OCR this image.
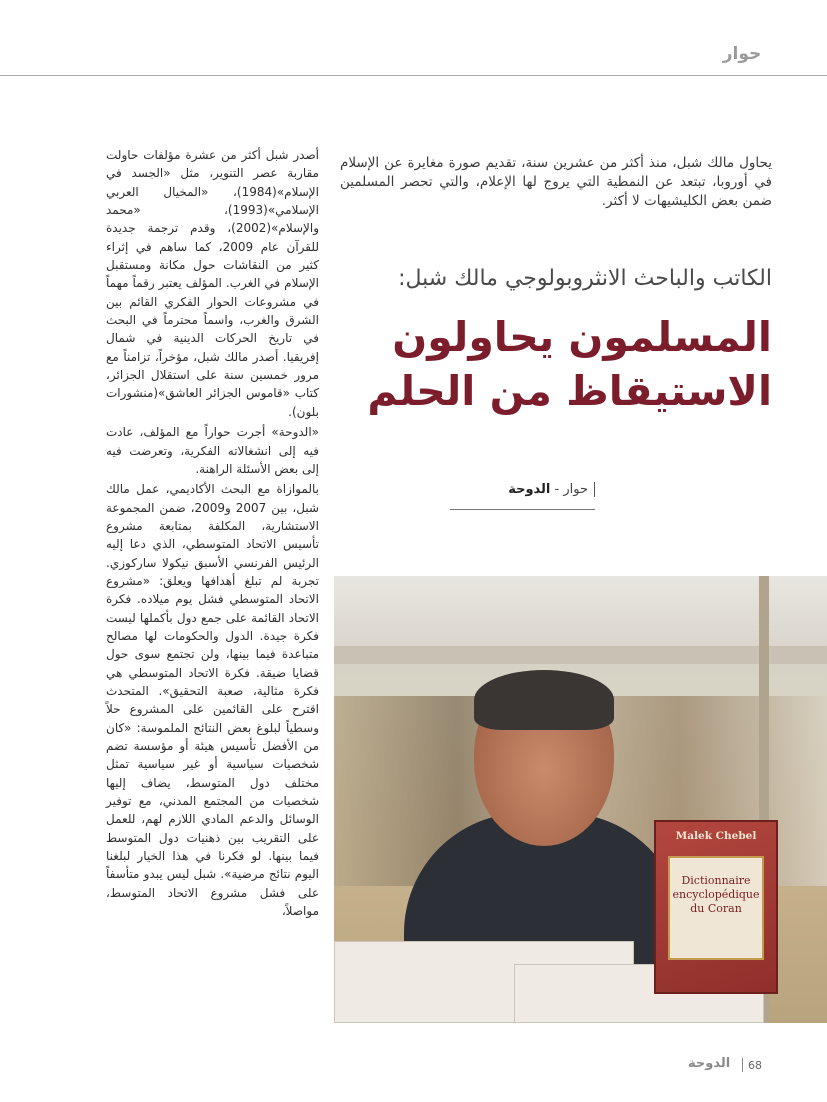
حوار

يحاول مالك شبل، منذ أكثر من عشرين سنة، تقديم صورة مغايرة عن الإسلام في أوروبا، تبتعد عن النمطية التي يروج لها الإعلام، والتي تحصر المسلمين ضمن بعض الكليشيهات لا أكثر.

الكاتب والباحث الانثروبولوجي مالك شبل:
المسلمون يحاولون
الاستيقاظ من الحلم
حوار - الدوحة

أصدر شبل أكثر من عشرة مؤلفات حاولت مقاربة عصر التنوير، مثل «الجسد في الإسلام»(1984)، «المخيال العربي الإسلامي»(1993)، «محمد والإسلام»(2002)، وقدم ترجمة جديدة للقرآن عام 2009، كما ساهم في إثراء كثير من النقاشات حول مكانة ومستقبل الإسلام في الغرب. المؤلف يعتبر رقماً مهماً في مشروعات الحوار الفكري القائم بين الشرق والغرب، واسماً محترماً في البحث في تاريخ الحركات الدينية في شمال إفريقيا. أصدر مالك شبل، مؤخراً، تزامناً مع مرور خمسين سنة على استقلال الجزائر، كتاب «قاموس الجزائر العاشق»(منشورات بلون).

«الدوحة» أجرت حواراً مع المؤلف، عادت فيه إلى انشغالاته الفكرية، وتعرضت فيه إلى بعض الأسئلة الراهنة.

بالموازاة مع البحث الأكاديمي، عمل مالك شبل، بين 2007 و2009، ضمن المجموعة الاستشارية، المكلفة بمتابعة مشروع تأسيس الاتحاد المتوسطي، الذي دعا إليه الرئيس الفرنسي الأسبق نيكولا ساركوزي. تجربة لم تبلغ أهدافها ويعلق: «مشروع الاتحاد المتوسطي فشل يوم ميلاده. فكرة الاتحاد القائمة على جمع دول بأكملها ليست فكرة جيدة. الدول والحكومات لها مصالح متباعدة فيما بينها، ولن تجتمع سوى حول قضايا ضيقة. فكرة الاتحاد المتوسطي هي فكرة مثالية، صعبة التحقيق». المتحدث اقترح على القائمين على المشروع حلاً وسطياً لبلوغ بعض النتائج الملموسة: «كان من الأفضل تأسيس هيئة أو مؤسسة تضم شخصيات سياسية أو غير سياسية تمثل مختلف دول المتوسط، يضاف إليها شخصيات من المجتمع المدني، مع توفير الوسائل والدعم المادي اللازم لهم، للعمل على التقريب بين ذهنيات دول المتوسط فيما بينها. لو فكرنا في هذا الخيار لبلغنا اليوم نتائج مرضية». شبل ليس يبدو متأسفاً على فشل مشروع الاتحاد المتوسط، مواصلاً،

Malek Chebel
Dictionnaire encyclopédique du Coran
68
الدوحة
